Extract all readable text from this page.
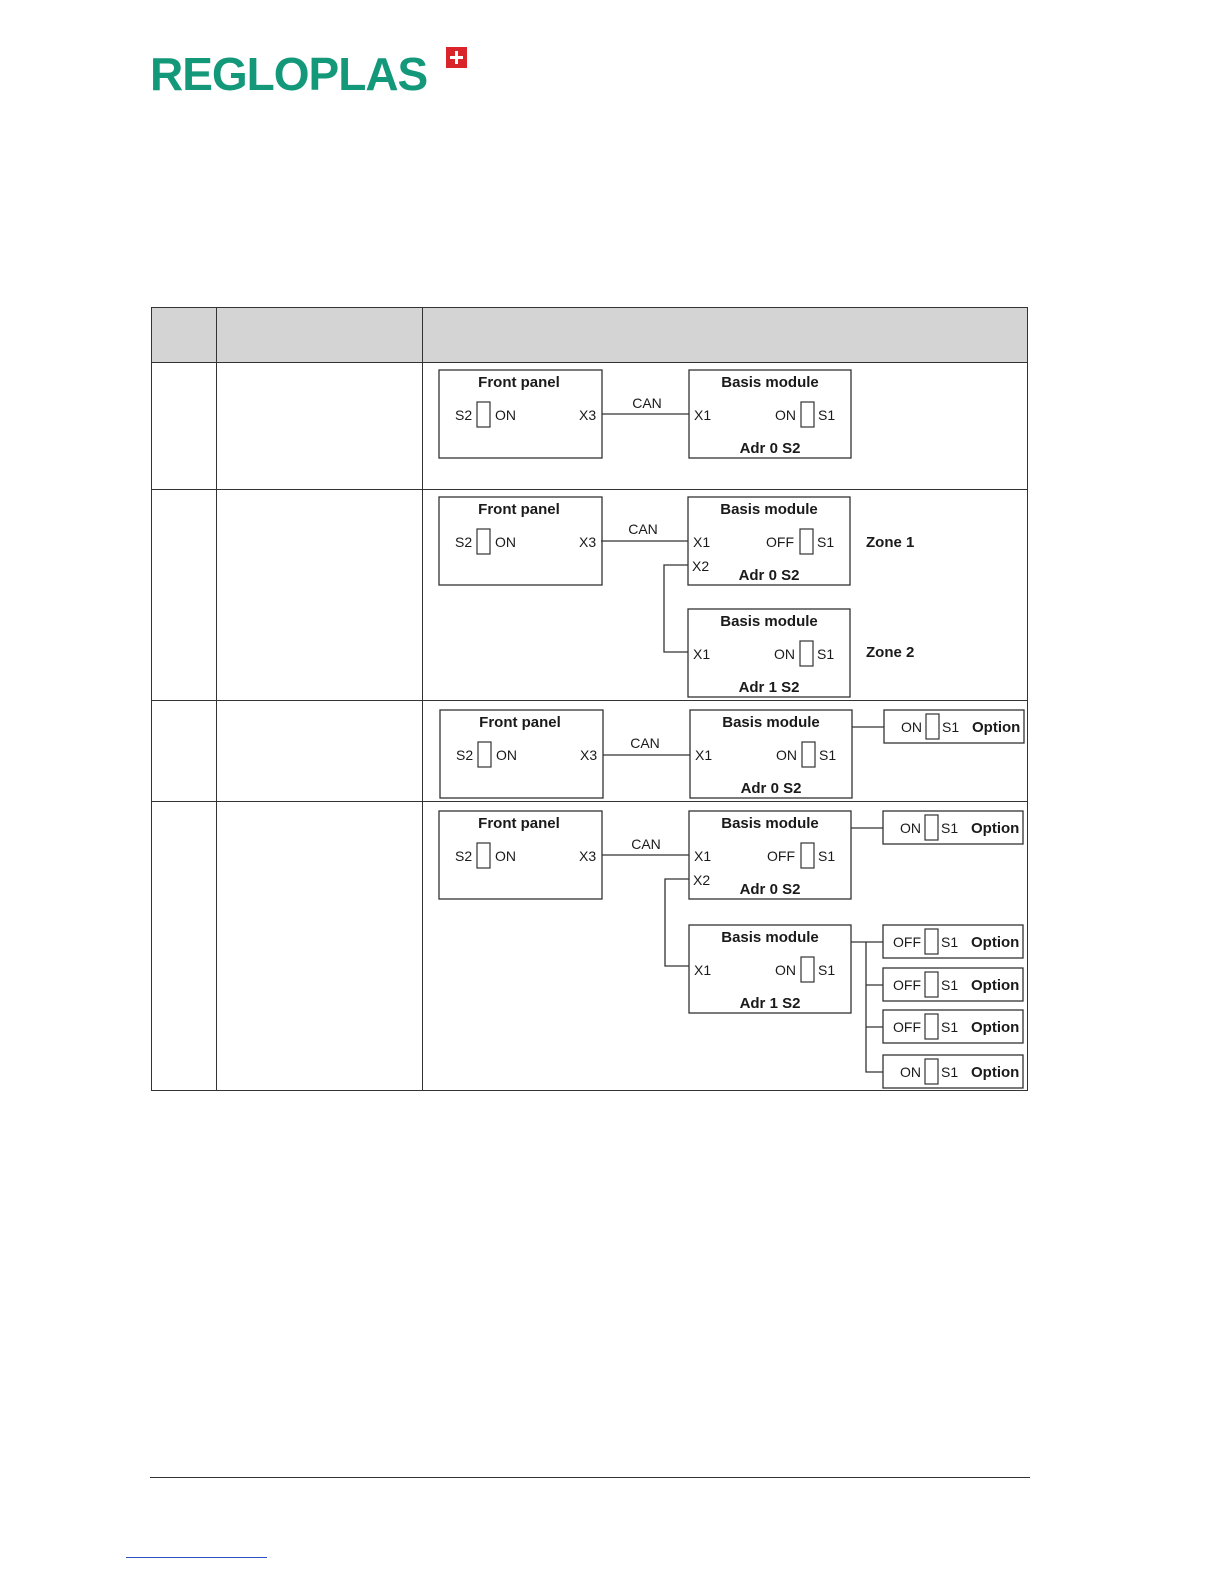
REGLOPLAS
Front panel
S2 ON	X3
Basis module
X1	ON S1
Adr 0 S2
CAN
Front panel
S2 ON	X3
Basis module
X1	OFF S1
X2
Adr 0 S2
Basis module
X1	ON S1
Adr 1 S2
CAN
Zone 1
Zone 2
Front panel
S2 ON	X3
Basis module
X1	ON S1
Adr 0 S2
ON S1 Option
CAN
Front panel
S2 ON	X3
Basis module
X1	OFF S1
X2
Adr 0 S2
Basis module
X1	ON S1
Adr 1 S2
CAN
ON S1 Option
OFF S1 Option
OFF S1 Option
OFF S1 Option
ON S1 Option
